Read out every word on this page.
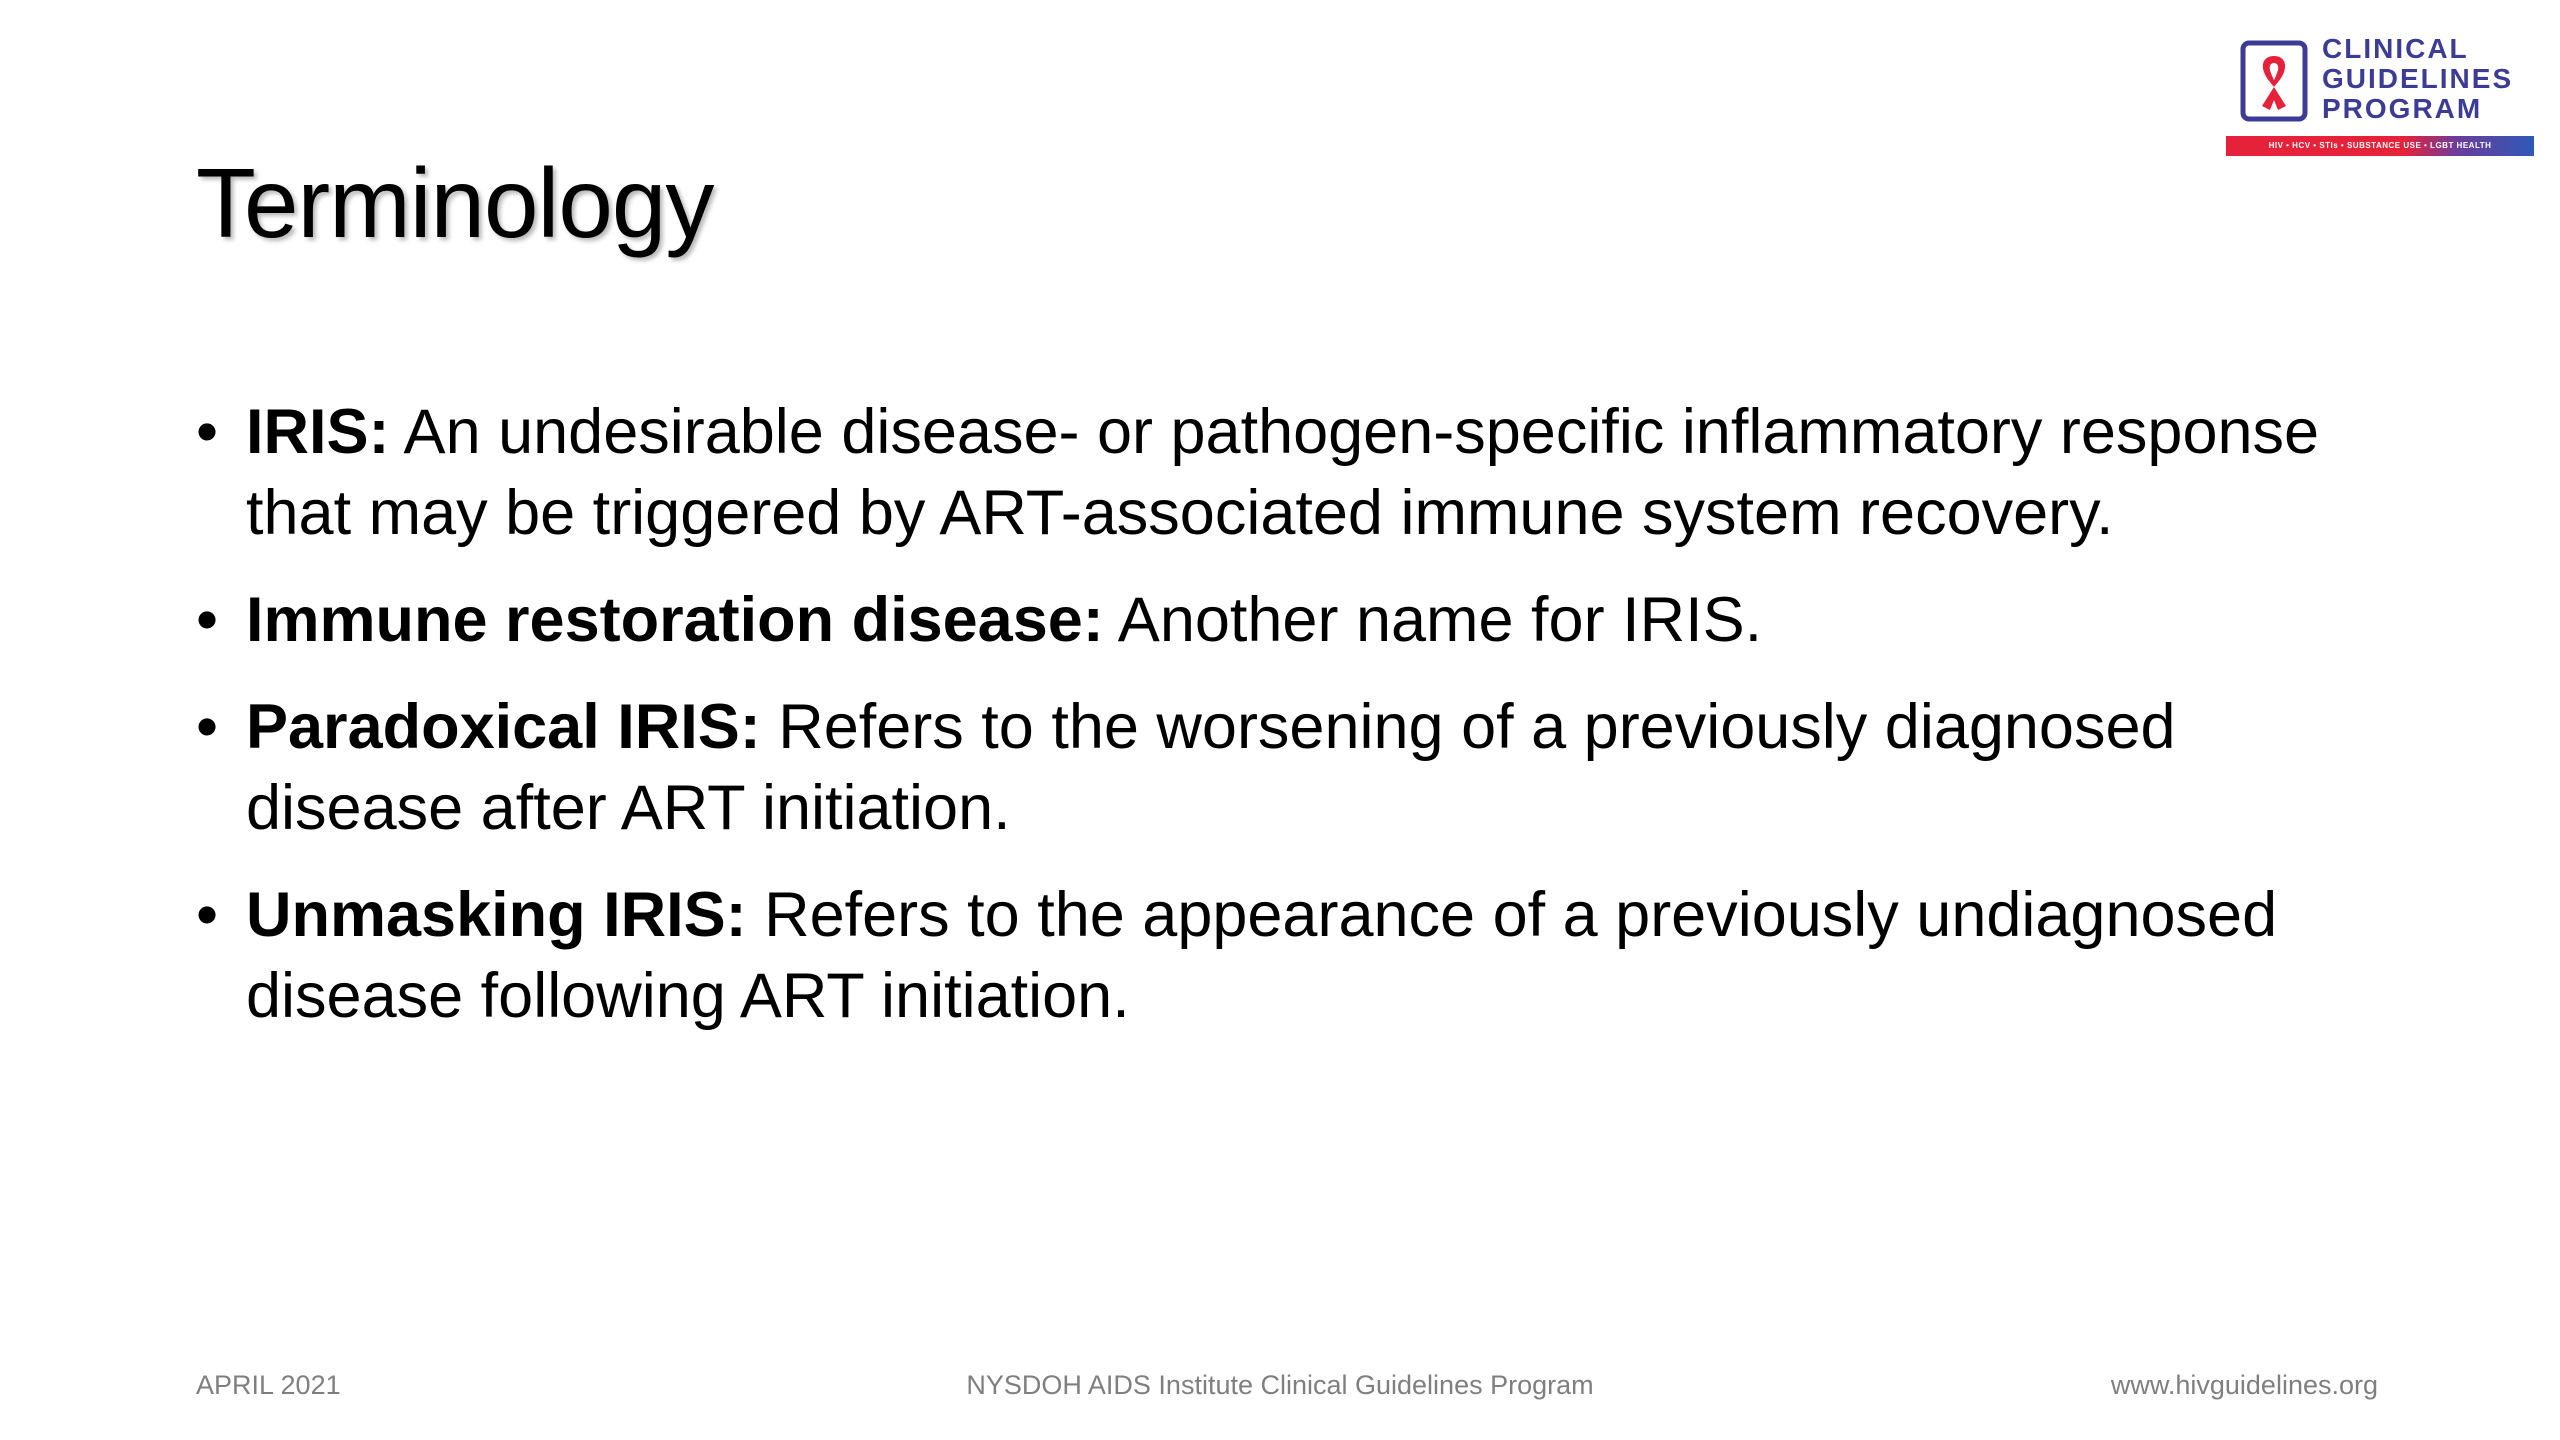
CLINICAL
GUIDELINES
PROGRAM
HIV • HCV • STIs • SUBSTANCE USE • LGBT HEALTH
Terminology
• IRIS: An undesirable disease- or pathogen-specific inflammatory response that may be triggered by ART-associated immune system recovery.
• Immune restoration disease: Another name for IRIS.
• Paradoxical IRIS: Refers to the worsening of a previously diagnosed disease after ART initiation.
• Unmasking IRIS: Refers to the appearance of a previously undiagnosed disease following ART initiation.
APRIL 2021	NYSDOH AIDS Institute Clinical Guidelines Program	www.hivguidelines.org
